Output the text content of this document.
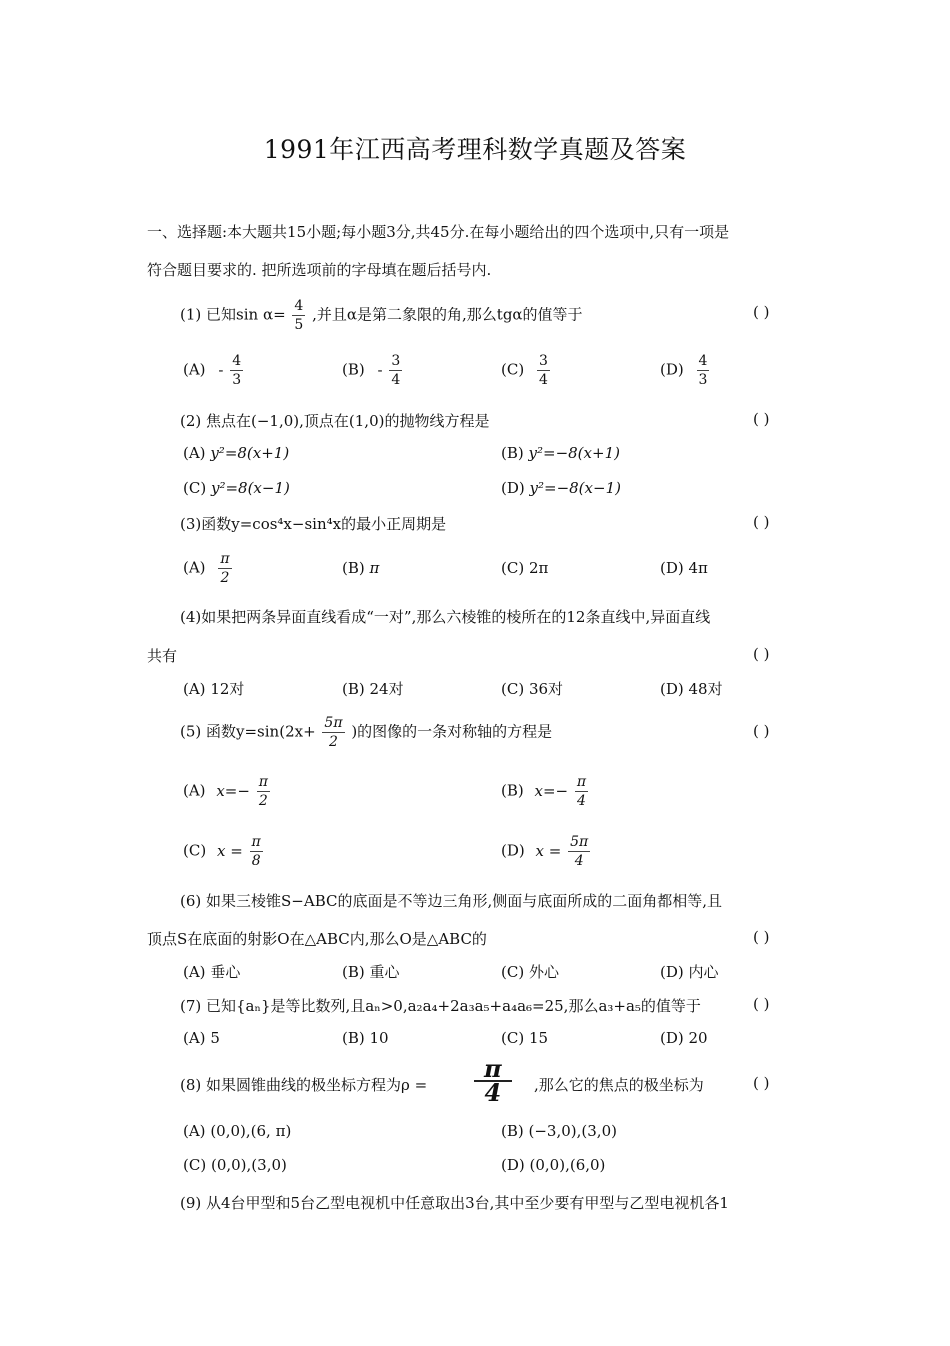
1991年江西高考理科数学真题及答案
一、选择题:本大题共15小题;每小题3分,共45分.在每小题给出的四个选项中,只有一项是
符合题目要求的. 把所选项前的字母填在题后括号内.
(1) 已知$\sin \alpha= \frac{4}{5}$ ,并且α是第二象限的角,那么tgα的值等于	( )
$(A) - \frac{4}{3}$	$(B) - \frac{3}{4}$	$(C) \frac{3}{4}$	$(D) \frac{4}{3}$
(2) 焦点在(−1,0),顶点在(1,0)的抛物线方程是	( )
(A) y²=8(x+1)	(B) y²=−8(x+1)
(C) y²=8(x−1)	(D) y²=−8(x−1)
(3)函数y=cos⁴x−sin⁴x的最小正周期是	( )
$(A) \frac{\pi}{2}$	(B) π	(C) 2π	(D) 4π
(4)如果把两条异面直线看成“一对”,那么六棱锥的棱所在的12条直线中,异面直线
共有	( )
(A) 12对	(B) 24对	(C) 36对	(D) 48对
(5) 函数$y=\sin(2x+ \frac{5\pi}{2}$ )的图像的一条对称轴的方程是	( )
(A) $x=- \frac{\pi}{2}$	(B) $x=- \frac{\pi}{4}$
(C) $x = \frac{\pi}{8}$	(D) $x = \frac{5\pi}{4}$
(6) 如果三棱锥S−ABC的底面是不等边三角形,侧面与底面所成的二面角都相等,且
顶点S在底面的射影O在△ABC内,那么O是△ABC的	( )
(A) 垂心	(B) 重心	(C) 外心	(D) 内心
(7) 已知{aₙ}是等比数列,且aₙ>0,a₂a₄+2a₃a₅+a₄a₆=25,那么a₃+a₅的值等于	( )
(A) 5	(B) 10	(C) 15	(D) 20
(8) 如果圆锥曲线的极坐标方程为$\rho = \frac{\pi}{4}$ ,那么它的焦点的极坐标为	( )
(A) (0,0),(6, π)	(B) (−3,0),(3,0)
(C) (0,0),(3,0)	(D) (0,0),(6,0)
(9) 从4台甲型和5台乙型电视机中任意取出3台,其中至少要有甲型与乙型电视机各1
